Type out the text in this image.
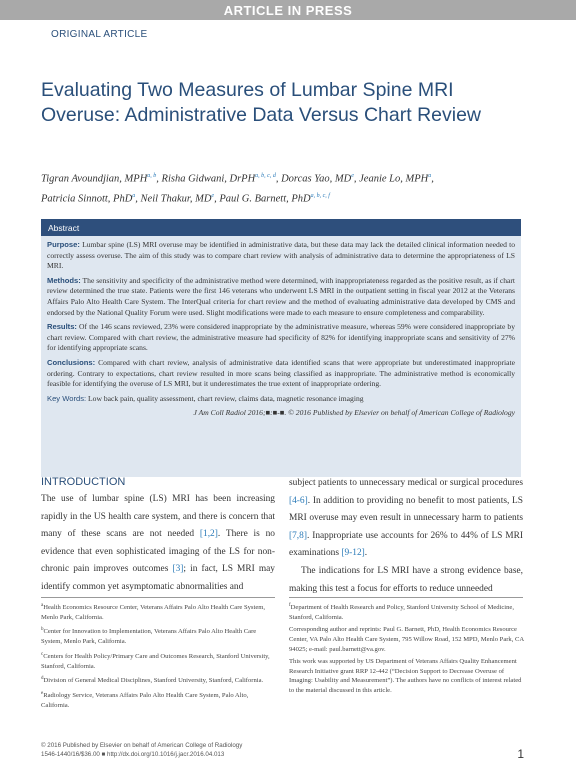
ARTICLE IN PRESS
ORIGINAL ARTICLE
Evaluating Two Measures of Lumbar Spine MRI Overuse: Administrative Data Versus Chart Review
Tigran Avoundjian, MPH$^{a, b}$, Risha Gidwani, DrPH$^{a, b, c, d}$, Dorcas Yao, MDe, Jeanie Lo, MPH$^a$,
Patricia Sinnott, PhD$^a$, Neil Thakur, MDe, Paul G. Barnett, PhD$^{a, b, c, f}$
Abstract

Purpose: Lumbar spine (LS) MRI overuse may be identified in administrative data, but these data may lack the detailed clinical information needed to correctly assess overuse. The aim of this study was to compare chart review with analysis of administrative data to determine the appropriateness of LS MRI.

Methods: The sensitivity and specificity of the administrative method were determined, with inappropriateness regarded as the positive result, as if chart review determined the true state. Patients were the first 146 veterans who underwent LS MRI in the outpatient setting in fiscal year 2012 at the Veterans Affairs Palo Alto Health Care System. The InterQual criteria for chart review and the method of evaluating administrative data developed by CMS and endorsed by the National Quality Forum were used. Slight modifications were made to each measure to ensure completeness and comparability.

Results: Of the 146 scans reviewed, 23% were considered inappropriate by the administrative measure, whereas 59% were considered inappropriate by chart review. Compared with chart review, the administrative measure had specificity of 82% for identifying inappropriate scans and sensitivity of 27% for identifying appropriate scans.

Conclusions: Compared with chart review, analysis of administrative data identified scans that were appropriate but underestimated inappropriate ordering. Contrary to expectations, chart review resulted in more scans being classified as inappropriate. The administrative method is economically feasible for identifying the overuse of LS MRI, but it underestimates the true extent of inappropriate ordering.

Key Words: Low back pain, quality assessment, chart review, claims data, magnetic resonance imaging

J Am Coll Radiol 2016;■:■-■. © 2016 Published by Elsevier on behalf of American College of Radiology
INTRODUCTION

The use of lumbar spine (LS) MRI has been increasing rapidly in the US health care system, and there is concern that many of these scans are not needed [1,2]. There is no evidence that even sophisticated imaging of the LS for non-chronic pain improves outcomes [3]; in fact, LS MRI may identify common yet asymptomatic abnormalities and

subject patients to unnecessary medical or surgical procedures [4-6]. In addition to providing no benefit to most patients, LS MRI overuse may even result in unnecessary harm to patients [7,8]. Inappropriate use accounts for 26% to 44% of LS MRI examinations [9-12].

The indications for LS MRI have a strong evidence base, making this test a focus for efforts to reduce unneeded

$^a$Health Economics Resource Center, Veterans Affairs Palo Alto Health Care System, Menlo Park, California.

$^b$Center for Innovation to Implementation, Veterans Affairs Palo Alto Health Care System, Menlo Park, California.

$^c$Centers for Health Policy/Primary Care and Outcomes Research, Stanford University, Stanford, California.

$^d$Division of General Medical Disciplines, Stanford University, Stanford, California.

$^e$Radiology Service, Veterans Affairs Palo Alto Health Care System, Palo Alto, California.

$^f$Department of Health Research and Policy, Stanford University School of Medicine, Stanford, California.

Corresponding author and reprints: Paul G. Barnett, PhD, Health Economics Resource Center, VA Palo Alto Health Care System, 795 Willow Road, 152 MPD, Menlo Park, CA 94025; e-mail: paul.barnett@va.gov.

This work was supported by US Department of Veterans Affairs Quality Enhancement Research Initiative grant RRP 12-442 (“Decision Support to Decrease Overuse of Imaging: Usability and Measurement”). The authors have no conflicts of interest related to the material discussed in this article.

© 2016 Published by Elsevier on behalf of American College of Radiology
1546-1440/16/$36.00 ■ http://dx.doi.org/10.1016/j.jacr.2016.04.013	1
